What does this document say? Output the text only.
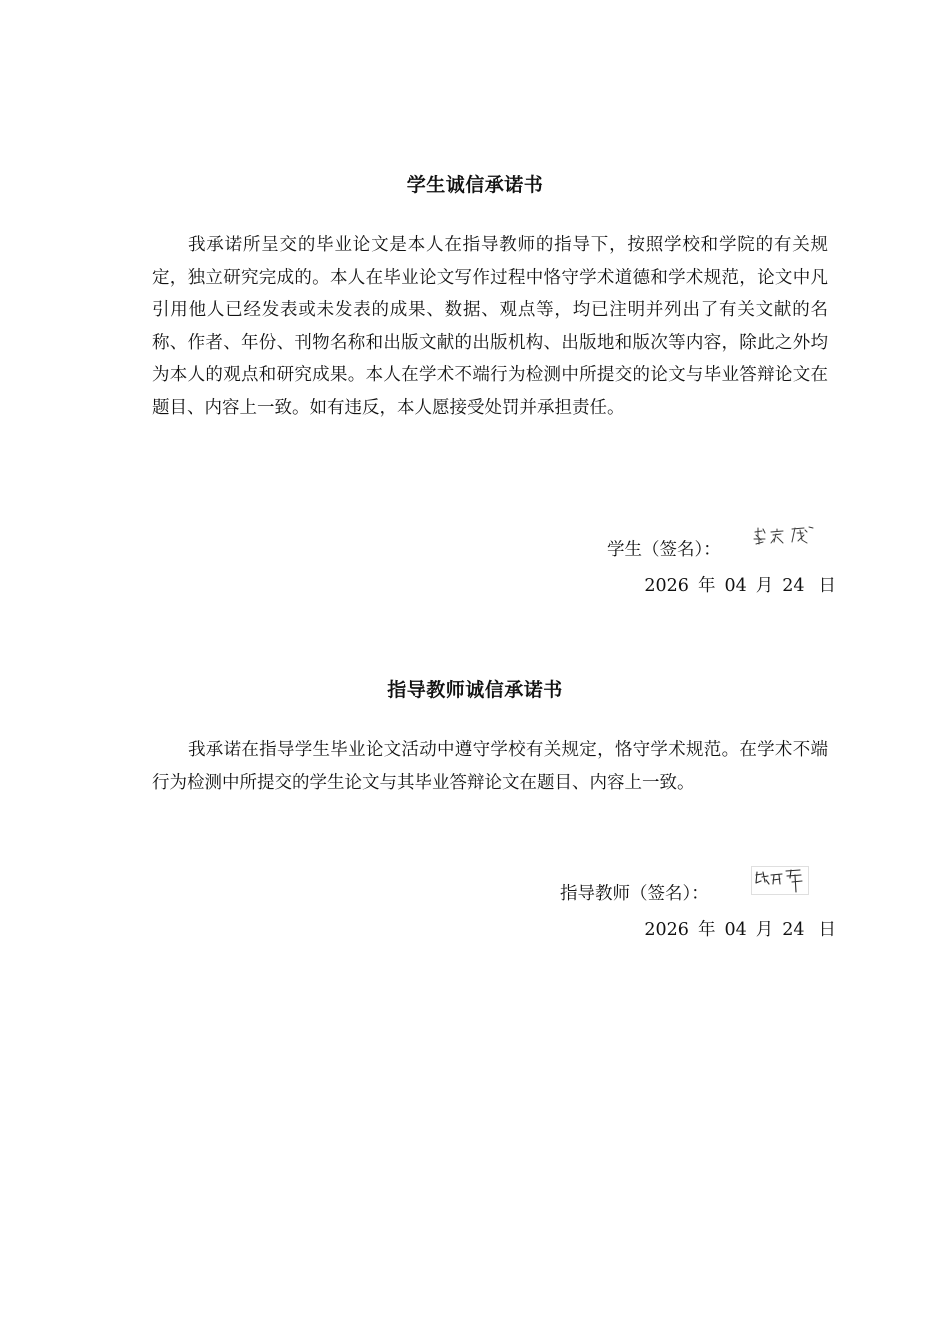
学生诚信承诺书
我承诺所呈交的毕业论文是本人在指导教师的指导下，按照学校和学院的有关规定，独立研究完成的。本人在毕业论文写作过程中恪守学术道德和学术规范，论文中凡引用他人已经发表或未发表的成果、数据、观点等，均已注明并列出了有关文献的名称、作者、年份、刊物名称和出版文献的出版机构、出版地和版次等内容，除此之外均为本人的观点和研究成果。本人在学术不端行为检测中所提交的论文与毕业答辩论文在题目、内容上一致。如有违反，本人愿接受处罚并承担责任。
学生（签名）：
2026 年 04 月 24 日
指导教师诚信承诺书
我承诺在指导学生毕业论文活动中遵守学校有关规定，恪守学术规范。在学术不端行为检测中所提交的学生论文与其毕业答辩论文在题目、内容上一致。
指导教师（签名）：
2026 年 04 月 24 日
